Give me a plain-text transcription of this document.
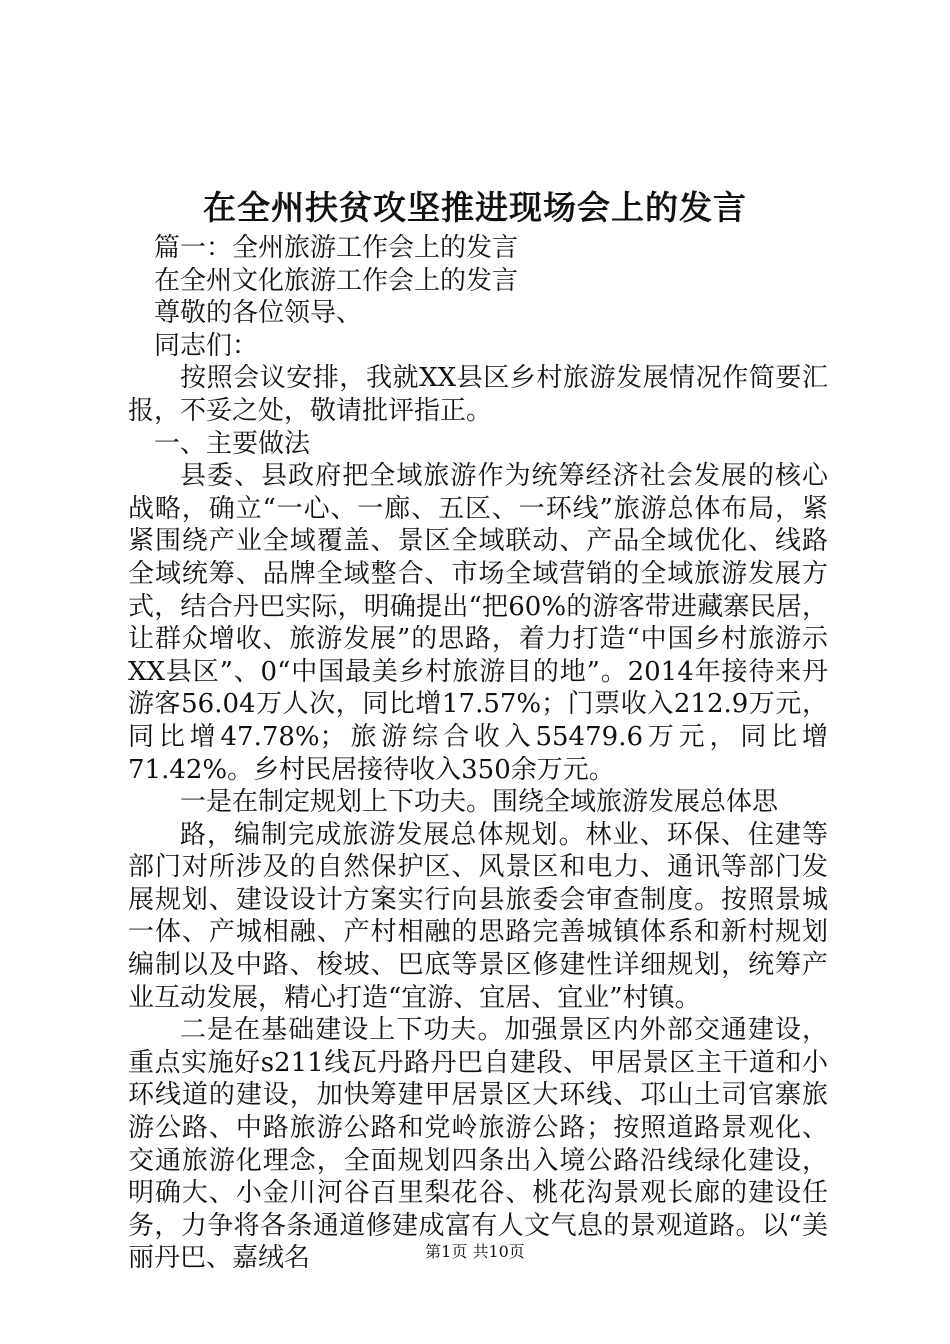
在全州扶贫攻坚推进现场会上的发言

篇一：全州旅游工作会上的发言

在全州文化旅游工作会上的发言

尊敬的各位领导、

同志们：

按照会议安排，我就XX县区乡村旅游发展情况作简要汇报，不妥之处，敬请批评指正。

一、主要做法

县委、县政府把全域旅游作为统筹经济社会发展的核心战略，确立“一心、一廊、五区、一环线”旅游总体布局，紧紧围绕产业全域覆盖、景区全域联动、产品全域优化、线路全域统筹、品牌全域整合、市场全域营销的全域旅游发展方式，结合丹巴实际，明确提出“把60%的游客带进藏寨民居，让群众增收、旅游发展”的思路，着力打造“中国乡村旅游示XX县区”、0“中国最美乡村旅游目的地”。2014年接待来丹游客56.04万人次，同比增17.57%；门票收入212.9万元，同比增47.78%；旅游综合收入55479.6万元，同比增71.42%。乡村民居接待收入350余万元。

一是在制定规划上下功夫。围绕全域旅游发展总体思

路，编制完成旅游发展总体规划。林业、环保、住建等部门对所涉及的自然保护区、风景区和电力、通讯等部门发展规划、建设设计方案实行向县旅委会审查制度。按照景城一体、产城相融、产村相融的思路完善城镇体系和新村规划编制以及中路、梭坡、巴底等景区修建性详细规划，统筹产业互动发展，精心打造“宜游、宜居、宜业”村镇。

二是在基础建设上下功夫。加强景区内外部交通建设，重点实施好s211线瓦丹路丹巴自建段、甲居景区主干道和小环线道的建设，加快筹建甲居景区大环线、邛山土司官寨旅游公路、中路旅游公路和党岭旅游公路；按照道路景观化、交通旅游化理念，全面规划四条出入境公路沿线绿化建设，明确大、小金川河谷百里梨花谷、桃花沟景观长廊的建设任务，力争将各条通道修建成富有人文气息的景观道路。以“美丽丹巴、嘉绒名	第1页 共10页
